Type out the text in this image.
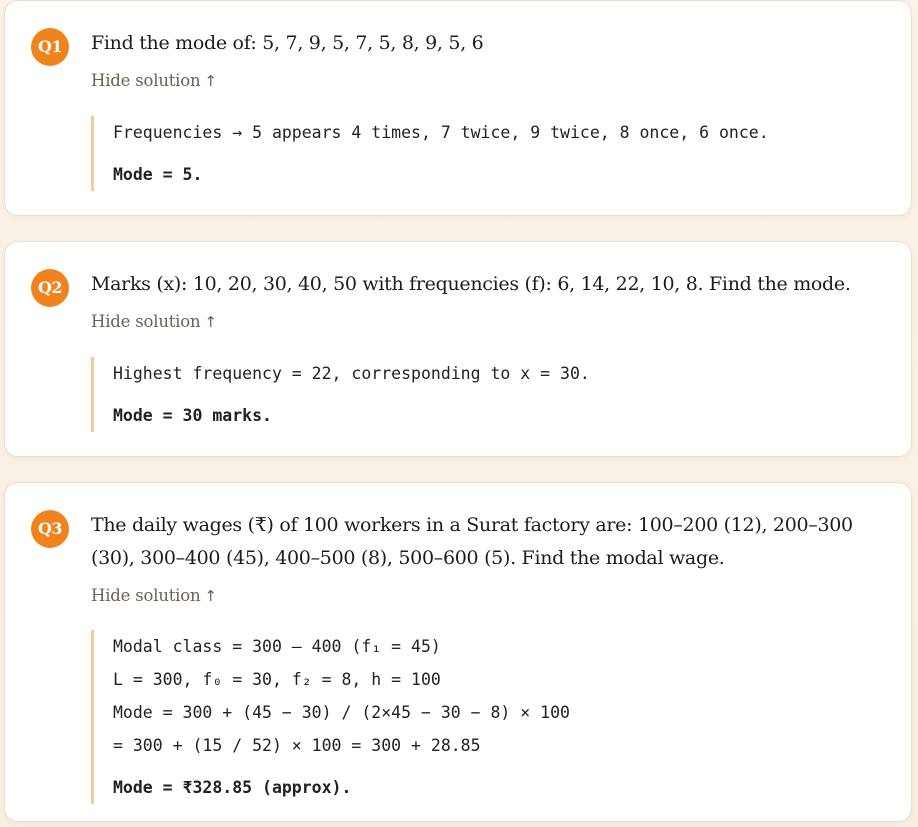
Q1	Find the mode of: 5, 7, 9, 5, 7, 5, 8, 9, 5, 6
Hide solution ↑
Frequencies → 5 appears 4 times, 7 twice, 9 twice, 8 once, 6 once.
Mode = 5.
Q2	Marks (x): 10, 20, 30, 40, 50 with frequencies (f): 6, 14, 22, 10, 8. Find the mode.
Hide solution ↑
Highest frequency = 22, corresponding to x = 30.
Mode = 30 marks.
Q3	The daily wages (₹) of 100 workers in a Surat factory are: 100–200 (12), 200–300 (30), 300–400 (45), 400–500 (8), 500–600 (5). Find the modal wage.
Hide solution ↑
Modal class = 300 – 400 (f₁ = 45)
L = 300, f₀ = 30, f₂ = 8, h = 100
Mode = 300 + (45 − 30) / (2×45 − 30 − 8) × 100
= 300 + (15 / 52) × 100 = 300 + 28.85
Mode = ₹328.85 (approx).
